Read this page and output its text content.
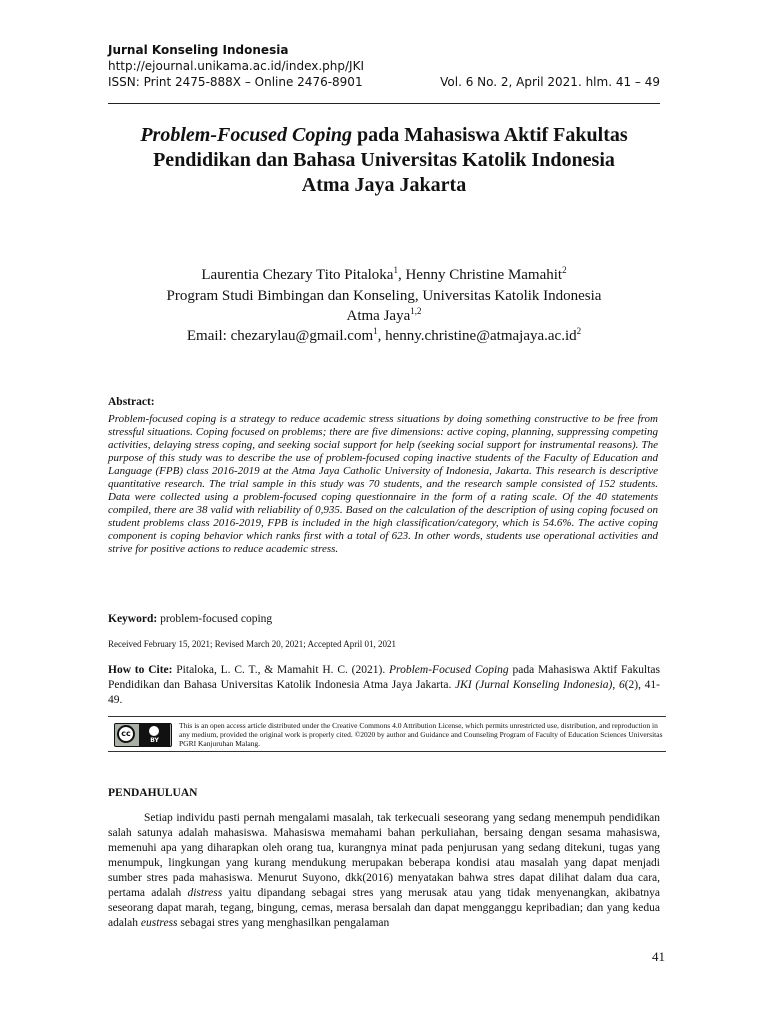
Jurnal Konseling Indonesia
http://ejournal.unikama.ac.id/index.php/JKI
ISSN: Print 2475-888X – Online 2476-8901	Vol. 6 No. 2, April 2021. hlm. 41 – 49
Problem-Focused Coping pada Mahasiswa Aktif Fakultas
Pendidikan dan Bahasa Universitas Katolik Indonesia
Atma Jaya Jakarta
Laurentia Chezary Tito Pitaloka$^1$, Henny Christine Mamahit$^2$
Program Studi Bimbingan dan Konseling, Universitas Katolik Indonesia
Atma Jaya$^{1,2}$
Email: chezarylau@gmail.com$^1$, $henny.christine@atmajaya.ac.id^2$
Abstract:
Problem-focused coping is a strategy to reduce academic stress situations by doing something constructive to be free from stressful situations. Coping focused on problems; there are five dimensions: active coping, planning, suppressing competing activities, delaying stress coping, and seeking social support for help (seeking social support for instrumental reasons). The purpose of this study was to describe the use of problem-focused coping inactive students of the Faculty of Education and Language (FPB) class 2016-2019 at the Atma Jaya Catholic University of Indonesia, Jakarta. This research is descriptive quantitative research. The trial sample in this study was 70 students, and the research sample consisted of 152 students. Data were collected using a problem-focused coping questionnaire in the form of a rating scale. Of the 40 statements compiled, there are 38 valid with reliability of 0,935. Based on the calculation of the description of using coping focused on student problems class 2016-2019, FPB is included in the high classification/category, which is 54.6%. The active coping component is coping behavior which ranks first with a total of 623. In other words, students use operational activities and strive for positive actions to reduce academic stress.
Keyword: problem-focused coping
Received February 15, 2021; Revised March 20, 2021; Accepted April 01, 2021
How to Cite: Pitaloka, L. C. T., & Mamahit H. C. (2021). Problem-Focused Coping pada Mahasiswa Aktif Fakultas Pendidikan dan Bahasa Universitas Katolik Indonesia Atma Jaya Jakarta. JKI (Jurnal Konseling Indonesia), 6(2), 41-49.
cc
BY
This is an open access article distributed under the Creative Commons 4.0 Attribution License, which permits unrestricted use, distribution, and reproduction in any medium, provided the original work is properly cited. ©2020 by author and Guidance and Counseling Program of Faculty of Education Sciences Universitas PGRI Kanjuruhan Malang.
PENDAHULUAN
Setiap individu pasti pernah mengalami masalah, tak terkecuali seseorang yang sedang menempuh pendidikan salah satunya adalah mahasiswa. Mahasiswa memahami bahan perkuliahan, bersaing dengan sesama mahasiswa, memenuhi apa yang diharapkan oleh orang tua, kurangnya minat pada penjurusan yang sedang ditekuni, tugas yang menumpuk, lingkungan yang kurang mendukung merupakan beberapa kondisi atau masalah yang dapat menjadi sumber stres pada mahasiswa. Menurut Suyono, dkk(2016) menyatakan bahwa stres dapat dilihat dalam dua cara, pertama adalah distress yaitu dipandang sebagai stres yang merusak atau yang tidak menyenangkan, akibatnya seseorang dapat marah, tegang, bingung, cemas, merasa bersalah dan dapat mengganggu kepribadian; dan yang kedua adalah eustress sebagai stres yang menghasilkan pengalaman
41
